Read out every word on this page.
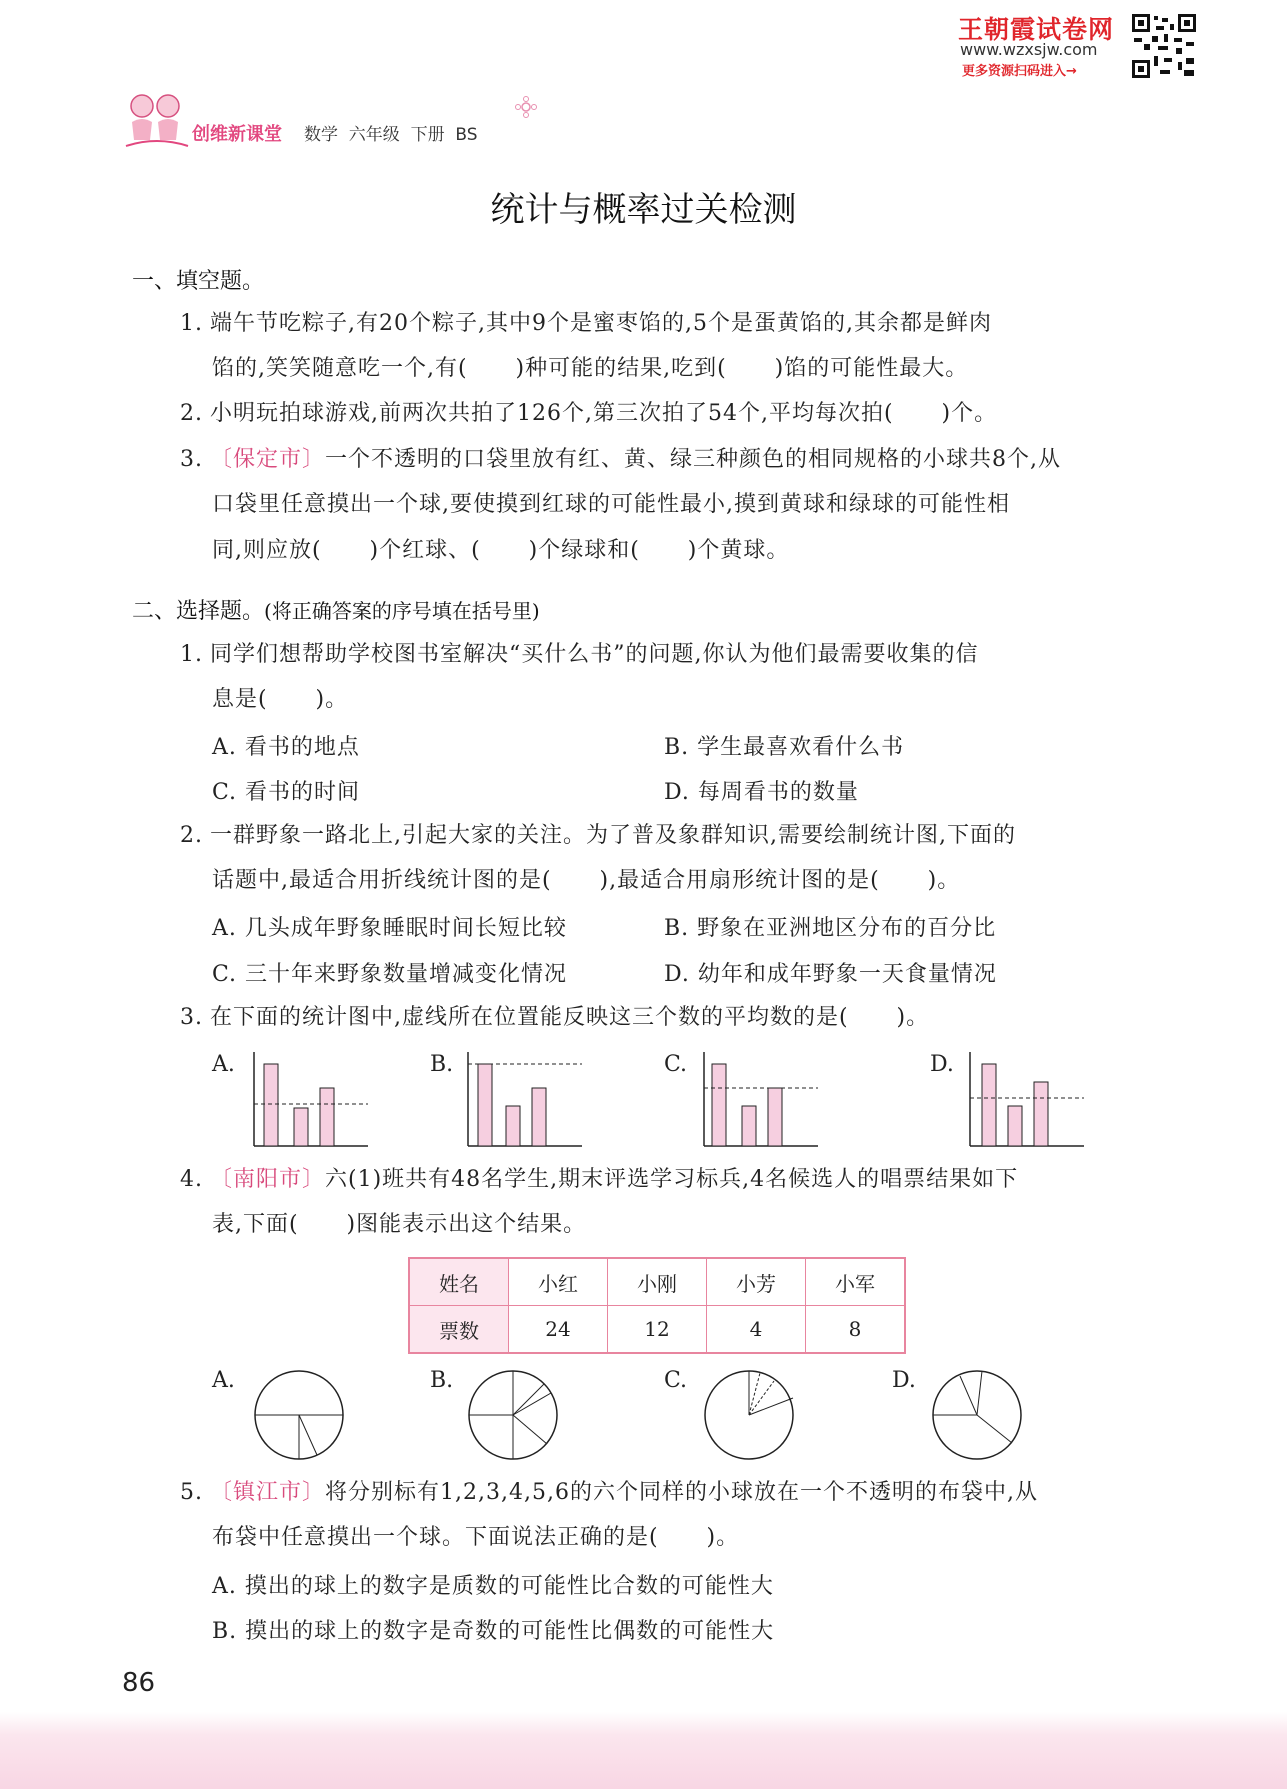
王朝霞试卷网
www.wzxsjw.com
更多资源扫码进入→
创维新课堂 数学  六年级  下册  BS
统计与概率过关检测
一、填空题。
1. 端午节吃粽子,有20个粽子,其中9个是蜜枣馅的,5个是蛋黄馅的,其余都是鲜肉
馅的,笑笑随意吃一个,有(      )种可能的结果,吃到(      )馅的可能性最大。
2. 小明玩拍球游戏,前两次共拍了126个,第三次拍了54个,平均每次拍(      )个。
3. 〔保定市〕一个不透明的口袋里放有红、黄、绿三种颜色的相同规格的小球共8个,从
口袋里任意摸出一个球,要使摸到红球的可能性最小,摸到黄球和绿球的可能性相
同,则应放(      )个红球、(      )个绿球和(      )个黄球。
二、选择题。(将正确答案的序号填在括号里)
1. 同学们想帮助学校图书室解决“买什么书”的问题,你认为他们最需要收集的信
息是(      )。
A. 看书的地点	B. 学生最喜欢看什么书
C. 看书的时间	D. 每周看书的数量
2. 一群野象一路北上,引起大家的关注。为了普及象群知识,需要绘制统计图,下面的
话题中,最适合用折线统计图的是(      ),最适合用扇形统计图的是(      )。
A. 几头成年野象睡眠时间长短比较	B. 野象在亚洲地区分布的百分比
C. 三十年来野象数量增减变化情况	D. 幼年和成年野象一天食量情况
3. 在下面的统计图中,虚线所在位置能反映这三个数的平均数的是(      )。
A.	B.	C.	D.
4. 〔南阳市〕六(1)班共有48名学生,期末评选学习标兵,4名候选人的唱票结果如下
表,下面(      )图能表示出这个结果。
姓名	小红	小刚	小芳	小军
票数	24	12	4	8
A.	B.	C.	D.
5. 〔镇江市〕将分别标有1,2,3,4,5,6的六个同样的小球放在一个不透明的布袋中,从
布袋中任意摸出一个球。下面说法正确的是(      )。
A. 摸出的球上的数字是质数的可能性比合数的可能性大
B. 摸出的球上的数字是奇数的可能性比偶数的可能性大
86
